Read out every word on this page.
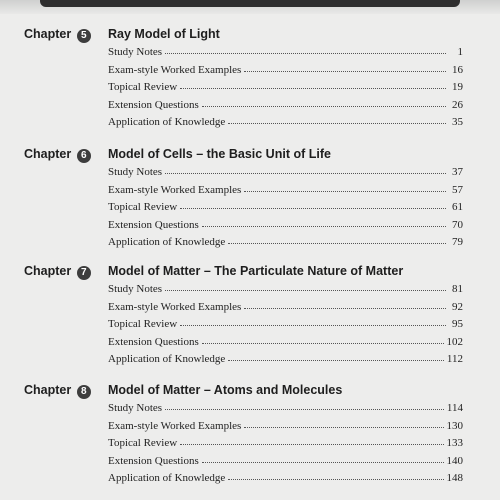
Chapter 5	Ray Model of Light
Study Notes	1
Exam-style Worked Examples	16
Topical Review	19
Extension Questions	26
Application of Knowledge	35
Chapter 6	Model of Cells – the Basic Unit of Life
Study Notes	37
Exam-style Worked Examples	57
Topical Review	61
Extension Questions	70
Application of Knowledge	79
Chapter 7	Model of Matter – The Particulate Nature of Matter
Study Notes	81
Exam-style Worked Examples	92
Topical Review	95
Extension Questions	102
Application of Knowledge	112
Chapter 8	Model of Matter – Atoms and Molecules
Study Notes	114
Exam-style Worked Examples	130
Topical Review	133
Extension Questions	140
Application of Knowledge	148
